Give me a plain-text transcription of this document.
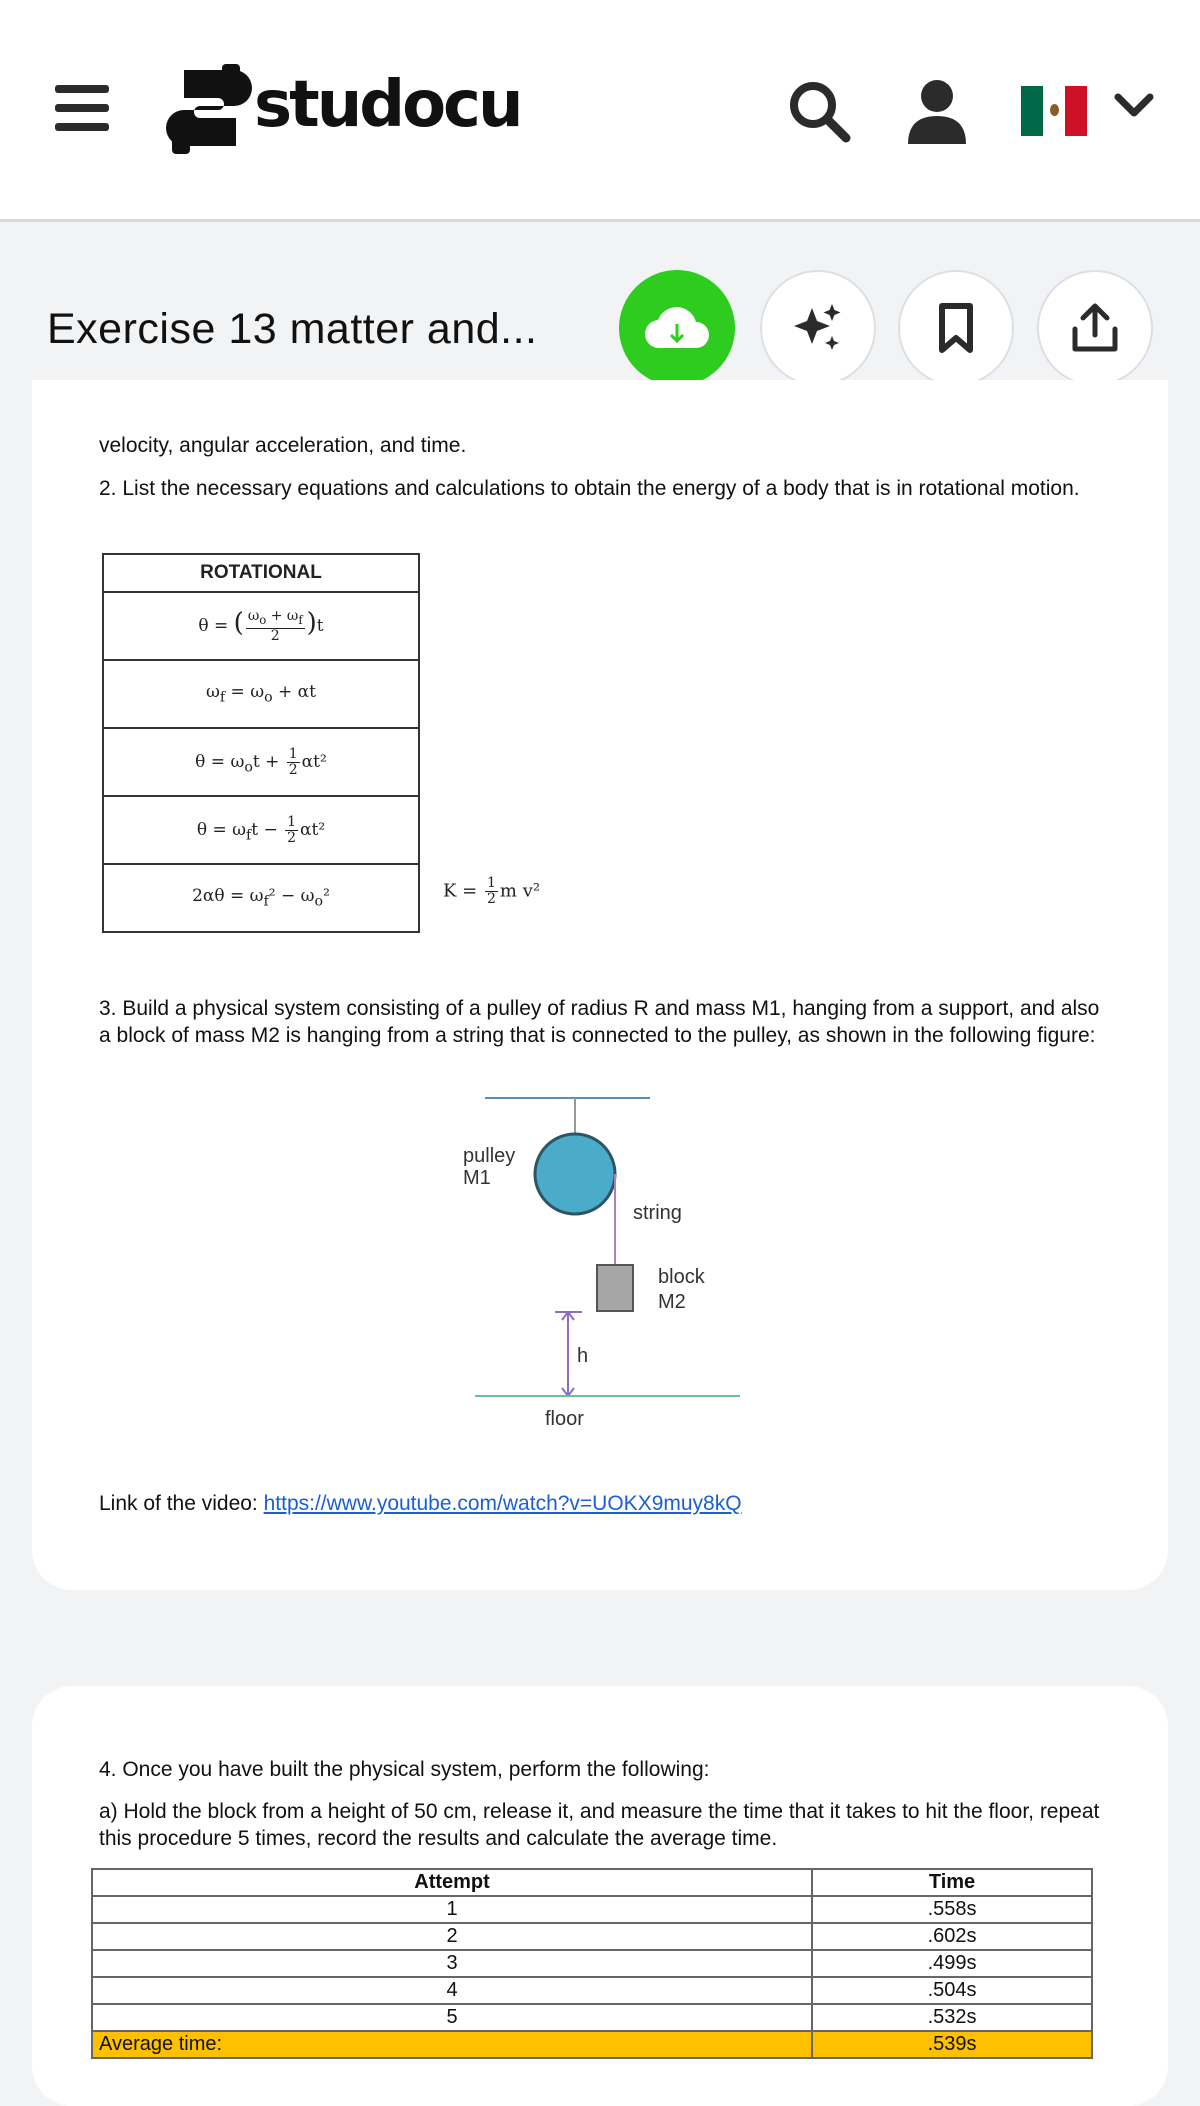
studocu
Exercise 13 matter and...
velocity, angular acceleration, and time.
2. List the necessary equations and calculations to obtain the energy of a body that is in rotational motion.
ROTATIONAL
θ = ( $\frac{\omega_o + \omega_f}{2} )t$
$\omega_f = \omega_o + \alpha t$
$\theta = \omega_ot + \frac{1}{2} \alpha t^2$
$\theta = \omega_ft - \frac{1}{2} \alpha t^2$
$2\alpha\theta = \omega_f^2 - \omega_o^2$	$K = \frac{1}{2}$ m v²
3. Build a physical system consisting of a pulley of radius R and mass M1, hanging from a support, and also a block of mass M2 is hanging from a string that is connected to the pulley, as shown in the following figure:
pulley
M1
string
block
M2
h
floor
Link of the video: https://www.youtube.com/watch?v=UOKX9muy8kQ
4. Once you have built the physical system, perform the following:
a) Hold the block from a height of 50 cm, release it, and measure the time that it takes to hit the floor, repeat this procedure 5 times, record the results and calculate the average time.
Attempt	Time
1	.558s
2	.602s
3	.499s
4	.504s
5	.532s
Average time:	.539s
